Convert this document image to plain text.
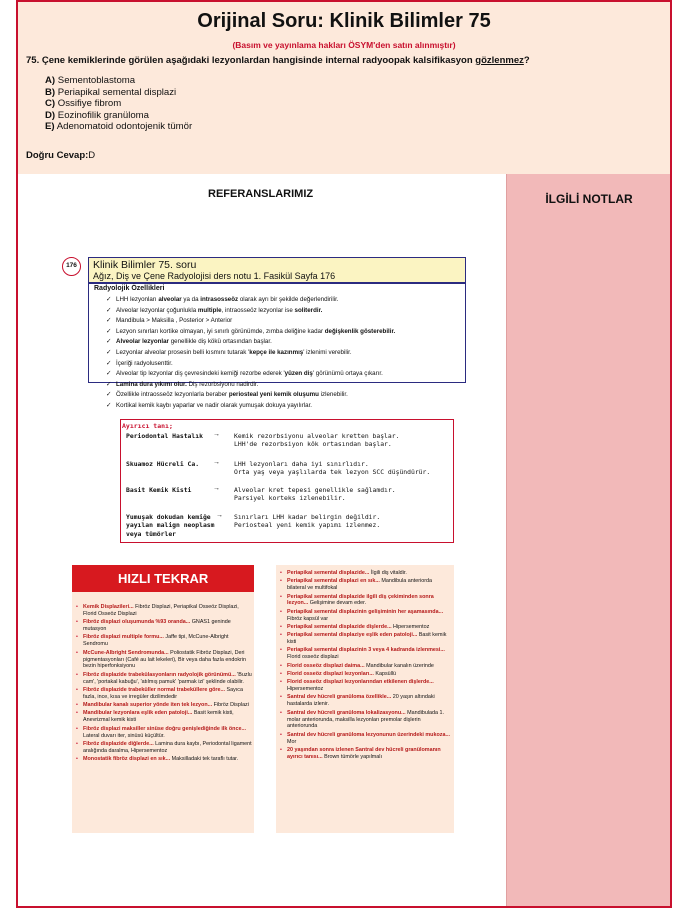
Orijinal Soru: Klinik Bilimler 75
(Basım ve yayınlama hakları ÖSYM'den satın alınmıştır)
75. Çene kemiklerinde görülen aşağıdaki lezyonlardan hangisinde internal radyoopak kalsifikasyon gözlenmez?
A) Sementoblastoma
B) Periapikal semental displazi
C) Ossifiye fibrom
D) Eozinofilik granüloma
E) Adenomatoid odontojenik tümör
Doğru Cevap:D
REFERANSLARIMIZ	İLGİLİ NOTLAR
176	Klinik Bilimler 75. soru
Ağız, Diş ve Çene Radyolojisi ders notu 1. Fasikül Sayfa 176
Radyolojik Özellikleri
✓ LHH lezyonları alveolar ya da intrasosseöz olarak ayrı bir şekilde değerlendirilir.
✓ Alveolar lezyonlar çoğunlukla multiple, intraosseöz lezyonlar ise soliterdir.
✓ Mandibula > Maksilla , Posterior > Anterior
✓ Lezyon sınırları kortike olmayan, iyi sınırlı görünümde, zımba deliğine kadar değişkenlik gösterebilir.
✓ Alveolar lezyonlar genellikle diş kökü ortasından başlar.
✓ Lezyonlar alveolar prosesin belli kısmını tutarak 'kepçe ile kazınmış' izlenimi verebilir.
✓ İçeriği radyolusenttir.
✓ Alveolar tip lezyonlar diş çevresindeki kemiği rezorbe ederek 'yüzen diş' görünümü ortaya çıkarır.
✓ Lamina dura yıkımı olur. Diş rezorbsiyonu nadirdir.
✓ Özellikle intraosseöz lezyonlarla beraber periosteal yeni kemik oluşumu izlenebilir.
✓ Kortikal kemik kaybı yaparlar ve nadir olarak yumuşak dokuya yayılırlar.
Ayırıcı tanı;
Periodontal Hastalık → Kemik rezorbsiyonu alveolar kretten başlar.
LHH'de rezorbsiyon kök ortasından başlar.
Skuamoz Hücreli Ca. → LHH lezyonları daha iyi sınırlıdır.
Orta yaş veya yaşlılarda tek lezyon SCC düşündürür.
Basit Kemik Kisti	→ Alveolar kret tepesi genellikle sağlamdır.
Parsiyel korteks izlenebilir.
Yumuşak dokudan kemiğe
yayılan malign neoplasm
veya tümörler
→ Sınırları LHH kadar belirgin değildir.
Periosteal yeni kemik yapımı izlenmez.
HIZLI TEKRAR
• Kemik Displazileri... Fibröz Displazi, Periapikal Osseöz Displazi, Florid Osseöz Displazi
• Fibröz displazi oluşumunda %93 oranda... GNAS1 geninde mutasyon
• Fibröz displazi multiple formu... Jaffe tipi, McCune-Albright Sendromu
• McCune-Albright Sendromunda... Poliostatik Fibröz Displazi, Deri pigmentasyonları (Café au lait lekeleri), Bir veya daha fazla endokrin bezin hiperfonksiyonu
• Fibröz displazide trabekülasyonların radyolojik görünümü... 'Buzlu cam', 'portakal kabuğu', 'atılmış pamuk' 'parmak izi' şeklinde olabilir.
• Fibröz displazide trabeküller normal trabeküllere göre... Sayıca fazla, ince, kısa ve irregüler dizilimdedir
• Mandibular kanalı superior yönde iten tek lezyon... Fibröz Displazi
• Mandibular lezyonlara eşlik eden patoloji... Basit kemik kisti, Anevrizmal kemik kisti
• Fibröz displazi maksiller sinüse doğru genişlediğinde ilk önce... Lateral duvarı iter, sinüsü küçültür.
• Fibröz displazide diğlerde... Lamina dura kaybı, Periodontal ligament aralığında daralma, Hipersementoz
• Monostatik fibröz displazi en sık... Maksilladaki tek taraflı tutar.
• Periapikal semental displazide... İlgili diş vitaldir.
• Periapikal semental displazi en sık... Mandibula anteriorda bilateral ve multifokal
• Periapikal semental displazide ilgili diş çekiminden sonra lezyon... Gelişimine devam eder.
• Periapikal semental displazinin gelişiminin her aşamasında... Fibröz kapsül var
• Periapikal semental displazide dişlerde... Hipersementoz
• Periapikal semental displaziye eşlik eden patoloji... Basit kemik kisti
• Periapikal semental displazinin 3 veya 4 kadranda izlenmesi... Florid osseöz displazi
• Florid osseöz displazi daima... Mandibular kanalın üzerinde
• Florid osseöz displazi lezyonları... Kapsüllü
• Florid osseöz displazi lezyonlarından etkilenen dişlerde... Hipersementoz
• Santral dev hücreli granüloma özellikle... 20 yaşın altındaki hastalarda izlenir.
• Santral dev hücreli granüloma lokalizasyonu... Mandibulada 1. molar anteriorunda, maksilla lezyonları premolar dişlerin anteriorunda
• Santral dev hücreli granüloma lezyonunun üzerindeki mukoza... Mor
• 20 yaşından sonra izlenen Santral dev hücreli granülomanın ayırıcı tanısı... Brown tümörle yapılmalı
